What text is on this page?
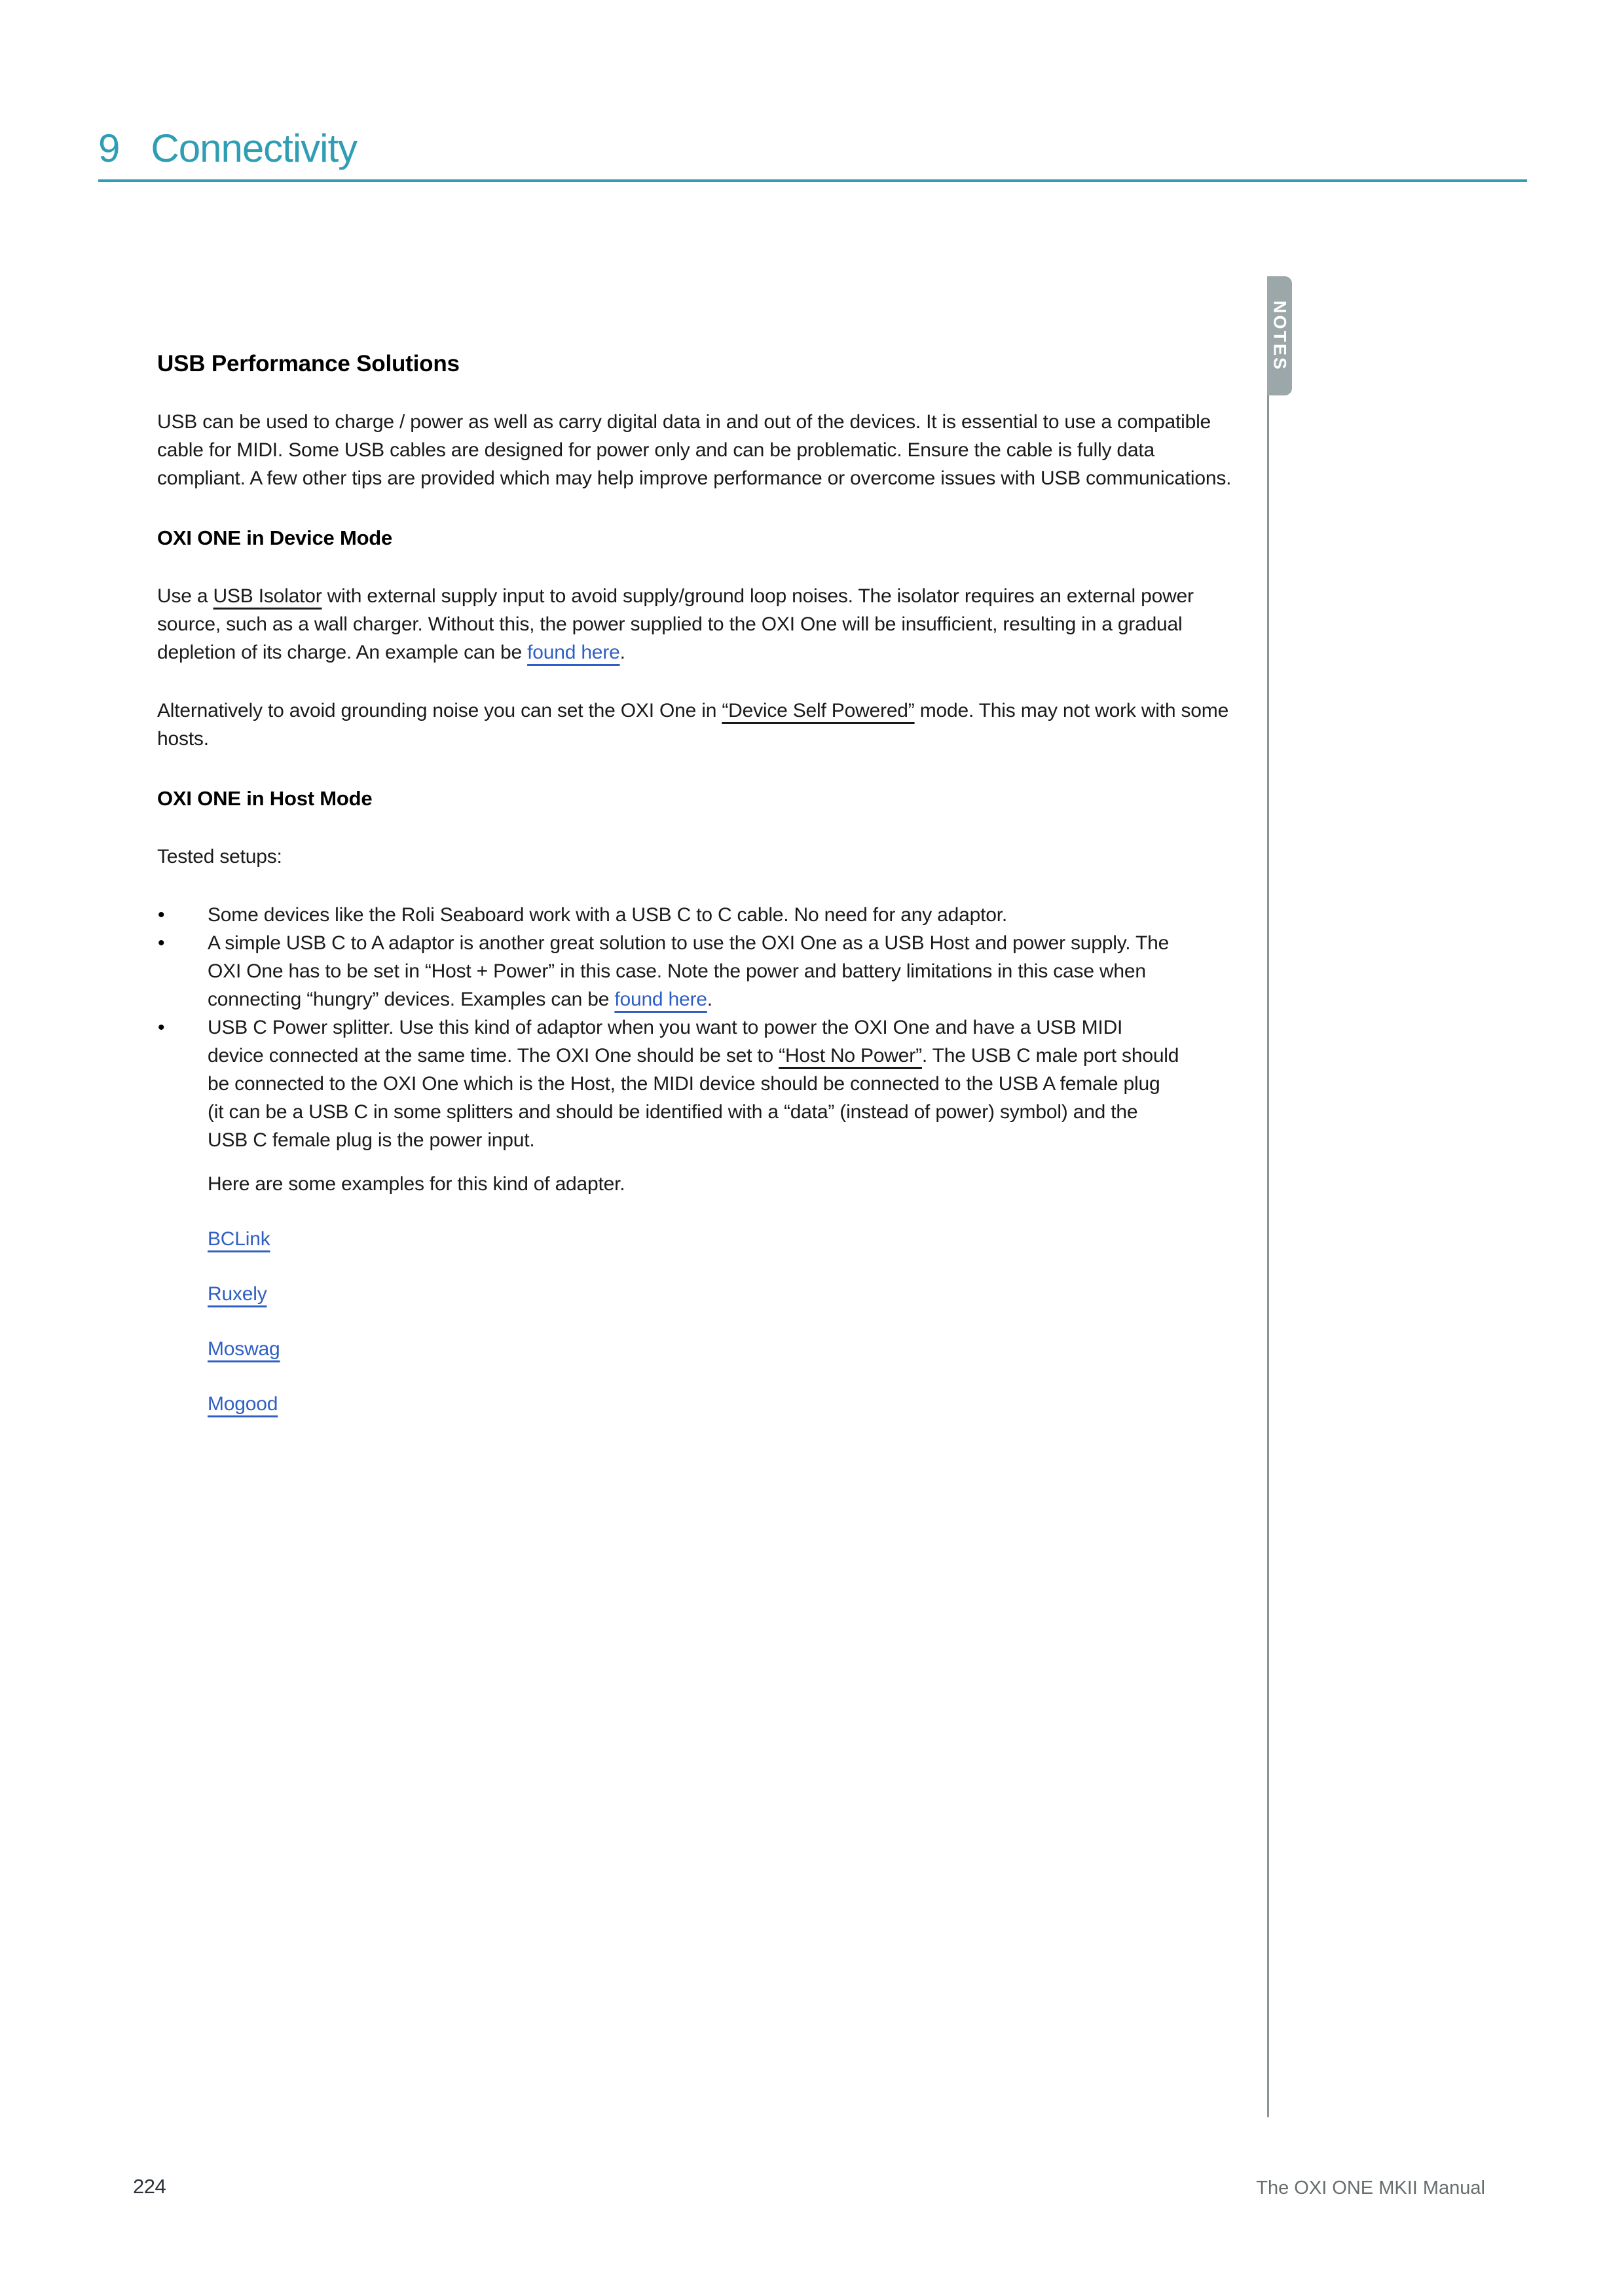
9 Connectivity
NOTES
USB Performance Solutions

USB can be used to charge / power as well as carry digital data in and out of the devices. It is essential to use a compatible cable for MIDI. Some USB cables are designed for power only and can be problematic. Ensure the cable is fully data compliant. A few other tips are provided which may help improve performance or overcome issues with USB communications.

OXI ONE in Device Mode

Use a USB Isolator with external supply input to avoid supply/ground loop noises. The isolator requires an external power source, such as a wall charger. Without this, the power supplied to the OXI One will be insufficient, resulting in a gradual depletion of its charge. An example can be found here.

Alternatively to avoid grounding noise you can set the OXI One in “Device Self Powered” mode. This may not work with some hosts.

OXI ONE in Host Mode

Tested setups:

• Some devices like the Roli Seaboard work with a USB C to C cable. No need for any adaptor.
• A simple USB C to A adaptor is another great solution to use the OXI One as a USB Host and power supply. The OXI One has to be set in “Host + Power” in this case. Note the power and battery limitations in this case when connecting “hungry” devices. Examples can be found here.
• USB C Power splitter. Use this kind of adaptor when you want to power the OXI One and have a USB MIDI device connected at the same time. The OXI One should be set to “Host No Power”. The USB C male port should be connected to the OXI One which is the Host, the MIDI device should be connected to the USB A female plug (it can be a USB C in some splitters and should be identified with a “data” (instead of power) symbol) and the USB C female plug is the power input.

Here are some examples for this kind of adapter.

BCLink

Ruxely

Moswag

Mogood

224	The OXI ONE MKII Manual
